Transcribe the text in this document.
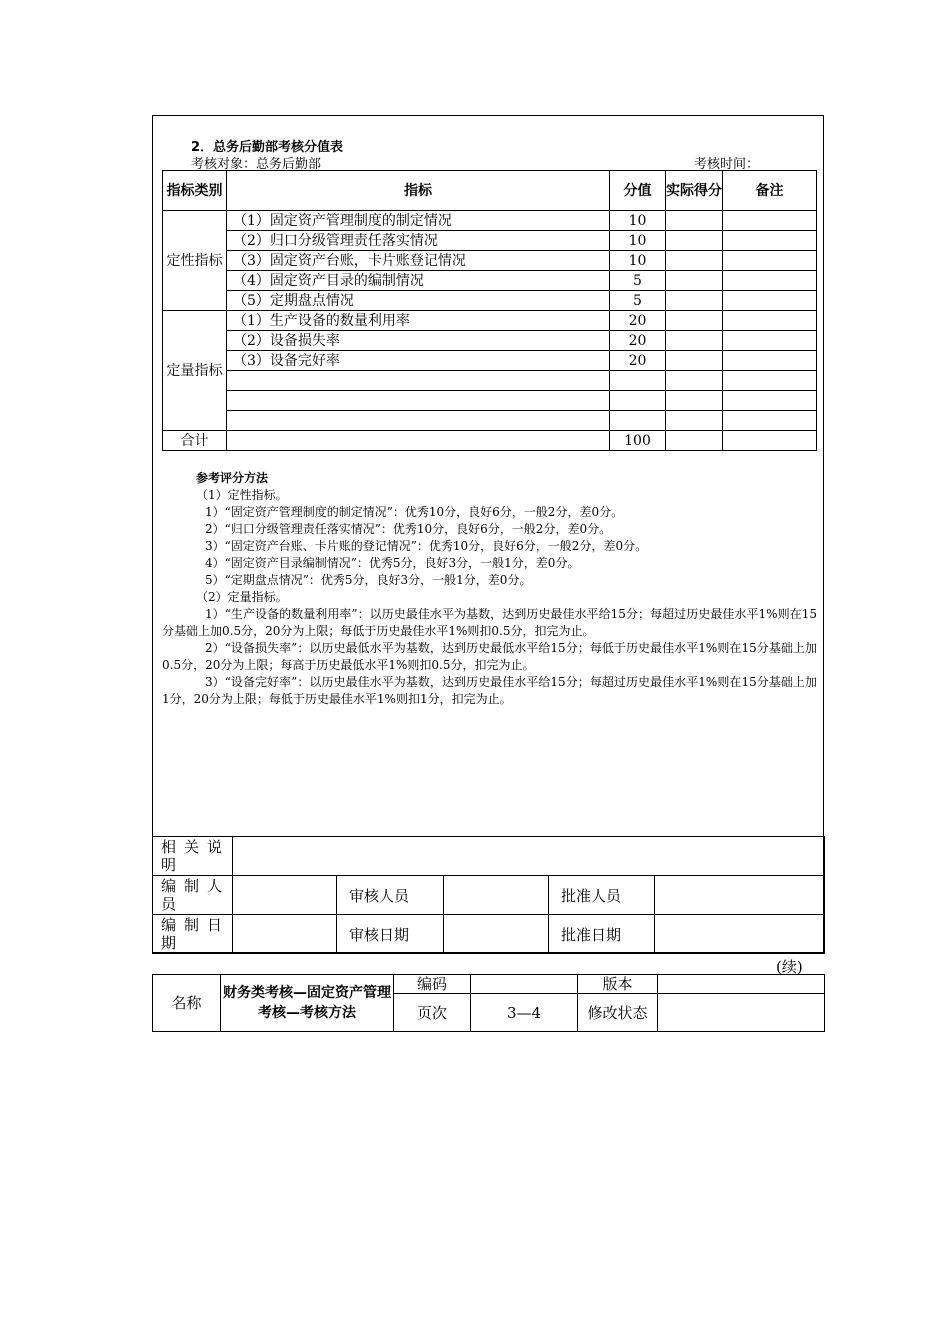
2．总务后勤部考核分值表
考核对象：总务后勤部	考核时间：
指标类别	指标	分值	实际得分	备注
定性指标	（1）固定资产管理制度的制定情况	10		
	（2）归口分级管理责任落实情况	10		
	（3）固定资产台账，卡片账登记情况	10		
	（4）固定资产目录的编制情况	5		
	（5）定期盘点情况	5		
定量指标	（1）生产设备的数量利用率	20		
	（2）设备损失率	20		
	（3）设备完好率	20		

合计		100		
参考评分方法
（1）定性指标。
1）“固定资产管理制度的制定情况”：优秀10分，良好6分，一般2分，差0分。
2）“归口分级管理责任落实情况”：优秀10分，良好6分，一般2分，差0分。
3）“固定资产台账、卡片账的登记情况”：优秀10分，良好6分，一般2分，差0分。
4）“固定资产目录编制情况”：优秀5分，良好3分，一般1分，差0分。
5）“定期盘点情况”：优秀5分，良好3分，一般1分，差0分。
（2）定量指标。
1）“生产设备的数量利用率”：以历史最佳水平为基数，达到历史最佳水平给15分；每超过历史最佳水平1%则在15分基础上加0.5分，20分为上限；每低于历史最佳水平1%则扣0.5分，扣完为止。
2）“设备损失率”：以历史最低水平为基数，达到历史最低水平给15分；每低于历史最佳水平1%则在15分基础上加0.5分，20分为上限；每高于历史最低水平1%则扣0.5分，扣完为止。
3）“设备完好率”：以历史最佳水平为基数，达到历史最佳水平给15分；每超过历史最佳水平1%则在15分基础上加1分，20分为上限；每低于历史最佳水平1%则扣1分，扣完为止。
相关说明					
编制人员		审核人员		批准人员	
编制日期		审核日期		批准日期	
(续)
名称	财务类考核—固定资产管理考核—考核方法	编码		版本	
		页次	3—4	修改状态	
